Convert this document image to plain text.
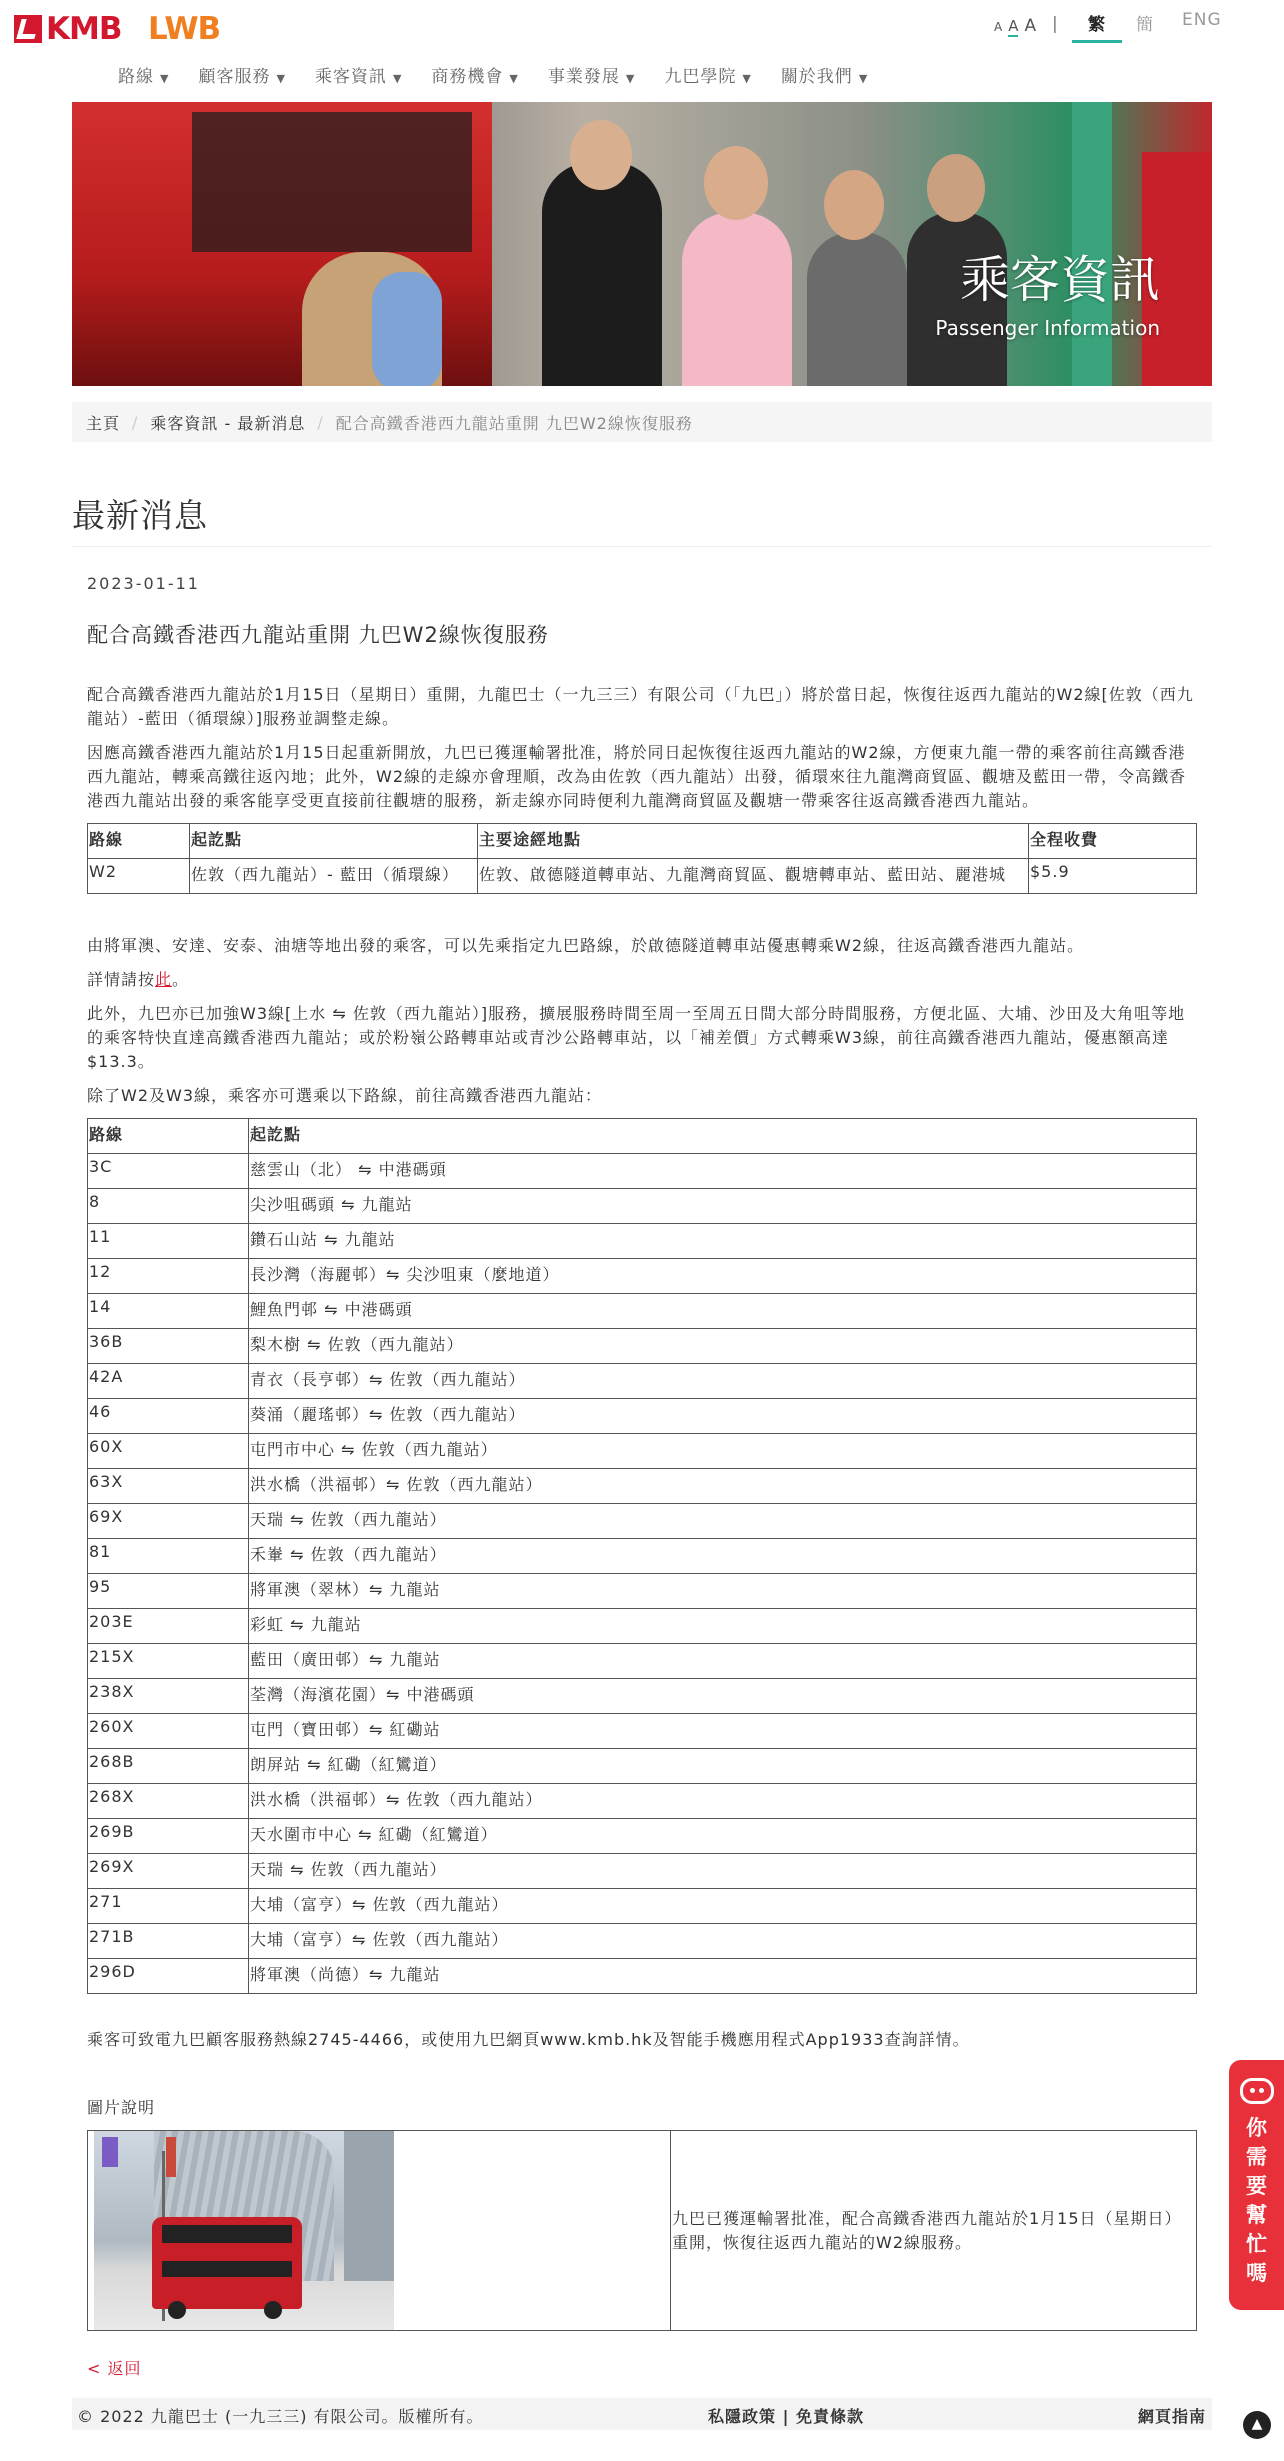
KMB LWB	A A A | 繁 簡 ENG
路線 ▼ 顧客服務 ▼ 乘客資訊 ▼ 商務機會 ▼ 事業發展 ▼ 九巴學院 ▼ 關於我們 ▼
乘客資訊
Passenger Information
主頁 / 乘客資訊 - 最新消息 / 配合高鐵香港西九龍站重開 九巴W2線恢復服務
最新消息
2023-01-11
配合高鐵香港西九龍站重開 九巴W2線恢復服務

配合高鐵香港西九龍站於1月15日（星期日）重開，九龍巴士（一九三三）有限公司（「九巴」）將於當日起，恢復往返西九龍站的W2線[佐敦（西九龍站）-藍田（循環線）]服務並調整走線。

因應高鐵香港西九龍站於1月15日起重新開放，九巴已獲運輸署批准，將於同日起恢復往返西九龍站的W2線，方便東九龍一帶的乘客前往高鐵香港西九龍站，轉乘高鐵往返內地；此外，W2線的走線亦會理順，改為由佐敦（西九龍站）出發，循環來往九龍灣商貿區、觀塘及藍田一帶，令高鐵香港西九龍站出發的乘客能享受更直接前往觀塘的服務，新走線亦同時便利九龍灣商貿區及觀塘一帶乘客往返高鐵香港西九龍站。

路線	起訖點	主要途經地點	全程收費
W2	佐敦（西九龍站）- 藍田（循環線）	佐敦、啟德隧道轉車站、九龍灣商貿區、觀塘轉車站、藍田站、麗港城	$5.9

由將軍澳、安達、安泰、油塘等地出發的乘客，可以先乘指定九巴路線，於啟德隧道轉車站優惠轉乘W2線，往返高鐵香港西九龍站。

詳情請按此。

此外，九巴亦已加強W3線[上水 ⇋ 佐敦（西九龍站）]服務，擴展服務時間至周一至周五日間大部分時間服務，方便北區、大埔、沙田及大角咀等地的乘客特快直達高鐵香港西九龍站；或於粉嶺公路轉車站或青沙公路轉車站，以「補差價」方式轉乘W3線，前往高鐵香港西九龍站，優惠額高達$13.3。

除了W2及W3線，乘客亦可選乘以下路線，前往高鐵香港西九龍站：

路線	起訖點
3C	慈雲山（北） ⇋ 中港碼頭
8	尖沙咀碼頭 ⇋ 九龍站
11	鑽石山站 ⇋ 九龍站
12	長沙灣（海麗邨）⇋ 尖沙咀東（麼地道）
14	鯉魚門邨 ⇋ 中港碼頭
36B	梨木樹 ⇋ 佐敦（西九龍站）
42A	青衣（長亨邨）⇋ 佐敦（西九龍站）
46	葵涌（麗瑤邨）⇋ 佐敦（西九龍站）
60X	屯門市中心 ⇋ 佐敦（西九龍站）
63X	洪水橋（洪福邨）⇋ 佐敦（西九龍站）
69X	天瑞 ⇋ 佐敦（西九龍站）
81	禾輋 ⇋ 佐敦（西九龍站）
95	將軍澳（翠林）⇋ 九龍站
203E	彩虹 ⇋ 九龍站
215X	藍田（廣田邨）⇋ 九龍站
238X	荃灣（海濱花園）⇋ 中港碼頭
260X	屯門（寶田邨）⇋ 紅磡站
268B	朗屏站 ⇋ 紅磡（紅鸞道）
268X	洪水橋（洪福邨）⇋ 佐敦（西九龍站）
269B	天水圍市中心 ⇋ 紅磡（紅鸞道）
269X	天瑞 ⇋ 佐敦（西九龍站）
271	大埔（富亨）⇋ 佐敦（西九龍站）
271B	大埔（富亨）⇋ 佐敦（西九龍站）
296D	將軍澳（尚德）⇋ 九龍站

乘客可致電九巴顧客服務熱線2745-4466，或使用九巴網頁www.kmb.hk及智能手機應用程式App1933查詢詳情。

圖片說明

	九巴已獲運輸署批准，配合高鐵香港西九龍站於1月15日（星期日）重開，恢復往返西九龍站的W2線服務。
< 返回
© 2022 九龍巴士 (一九三三) 有限公司。版權所有。	私隱政策 | 免責條款	網頁指南
你需要幫忙嗎
▲
